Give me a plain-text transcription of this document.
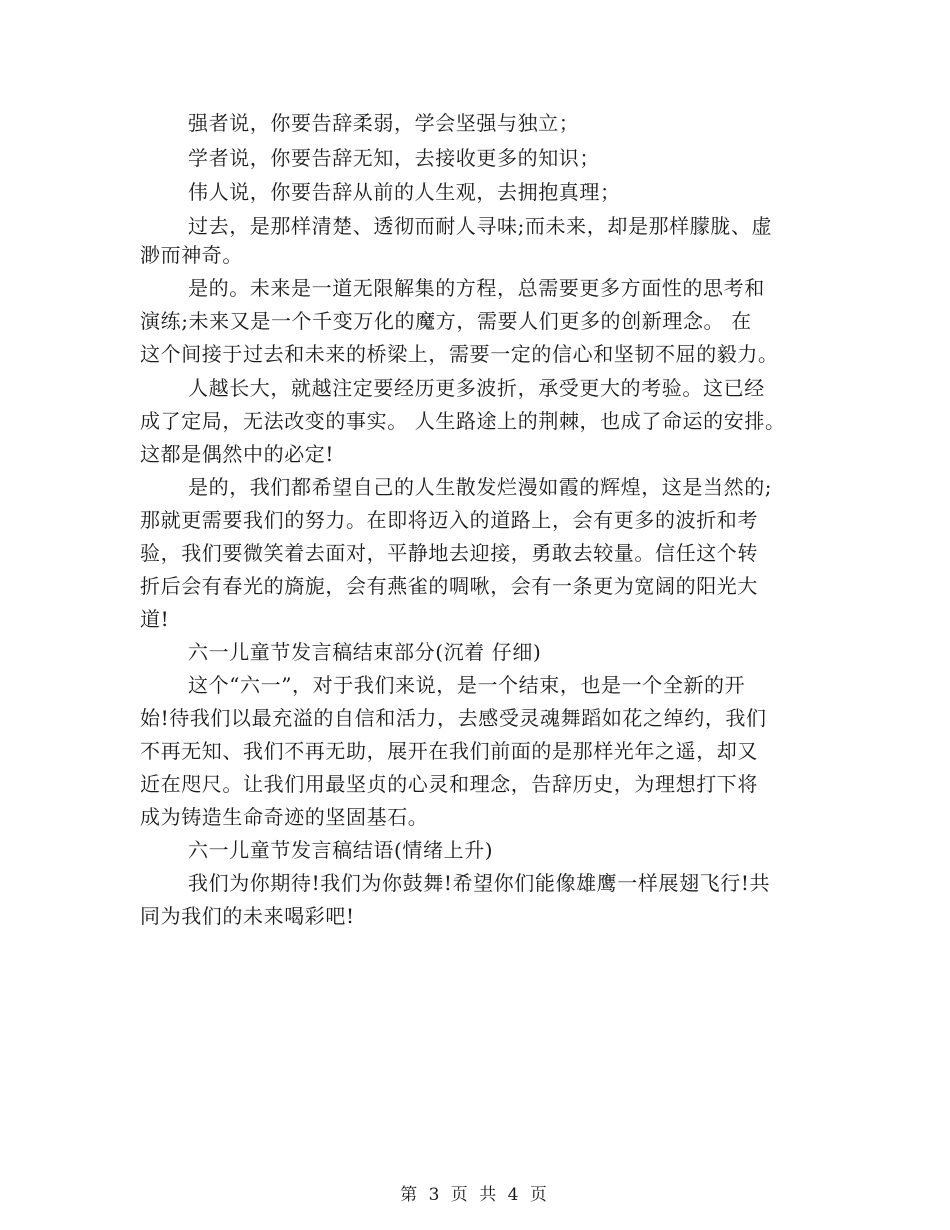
强者说，你要告辞柔弱，学会坚强与独立；
学者说，你要告辞无知，去接收更多的知识；
伟人说，你要告辞从前的人生观，去拥抱真理；
过去，是那样清楚、透彻而耐人寻味;而未来，却是那样朦胧、虚
渺而神奇。
是的。未来是一道无限解集的方程，总需要更多方面性的思考和
演练;未来又是一个千变万化的魔方，需要人们更多的创新理念。 在
这个间接于过去和未来的桥梁上，需要一定的信心和坚韧不屈的毅力。
人越长大，就越注定要经历更多波折，承受更大的考验。这已经
成了定局，无法改变的事实。 人生路途上的荆棘，也成了命运的安排。
这都是偶然中的必定!
是的，我们都希望自己的人生散发烂漫如霞的辉煌，这是当然的;
那就更需要我们的努力。在即将迈入的道路上，会有更多的波折和考
验，我们要微笑着去面对，平静地去迎接，勇敢去较量。信任这个转
折后会有春光的旖旎，会有燕雀的啁啾，会有一条更为宽阔的阳光大
道!
六一儿童节发言稿结束部分(沉着 仔细)
这个“六一”，对于我们来说，是一个结束，也是一个全新的开
始!待我们以最充溢的自信和活力，去感受灵魂舞蹈如花之绰约，我们
不再无知、我们不再无助，展开在我们前面的是那样光年之遥，却又
近在咫尺。让我们用最坚贞的心灵和理念，告辞历史，为理想打下将
成为铸造生命奇迹的坚固基石。
六一儿童节发言稿结语(情绪上升)
我们为你期待!我们为你鼓舞!希望你们能像雄鹰一样展翅飞行!共
同为我们的未来喝彩吧!
第 3 页 共 4 页
